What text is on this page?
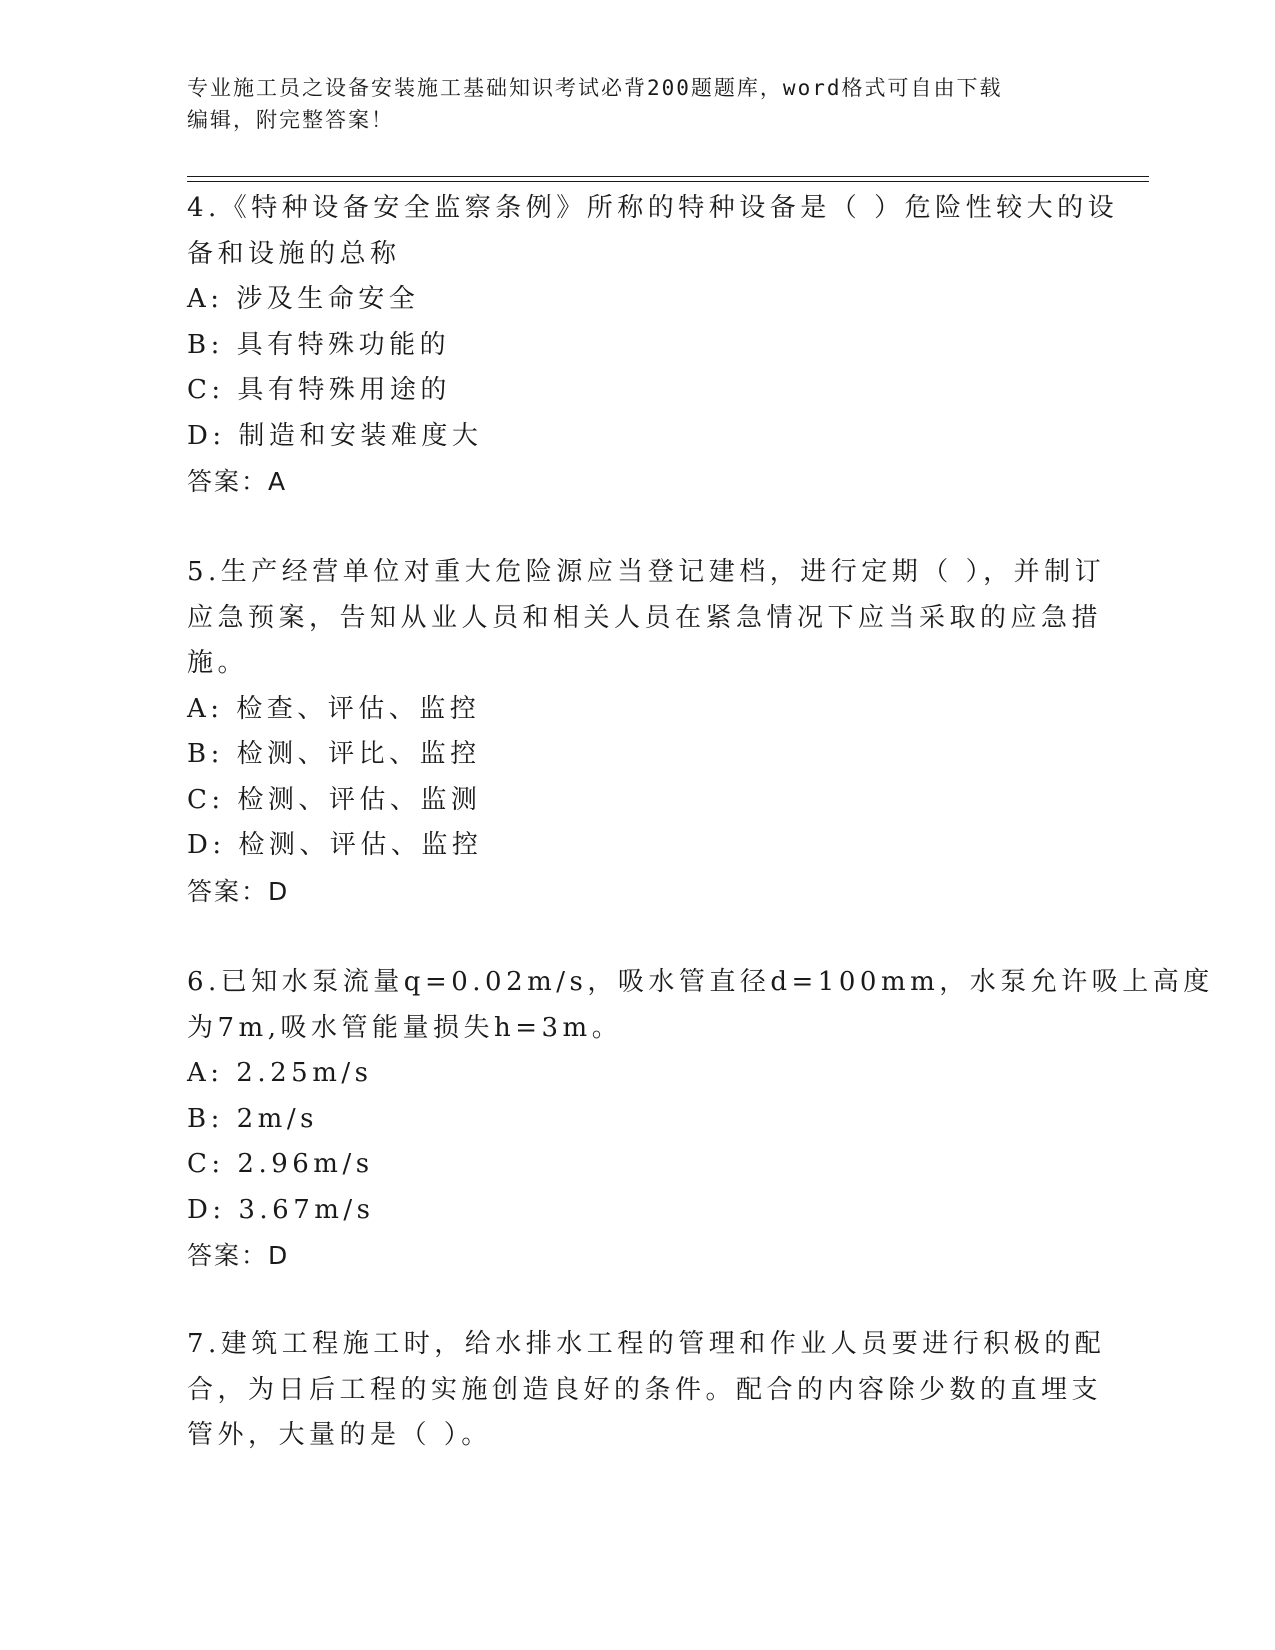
专业施工员之设备安装施工基础知识考试必背200题题库，word格式可自由下载
编辑，附完整答案！
4.《特种设备安全监察条例》所称的特种设备是（ ）危险性较大的设
备和设施的总称
A: 涉及生命安全
B: 具有特殊功能的
C: 具有特殊用途的
D: 制造和安装难度大
答案：A
5.生产经营单位对重大危险源应当登记建档，进行定期（ ），并制订
应急预案，告知从业人员和相关人员在紧急情况下应当采取的应急措
施。
A: 检查、评估、监控
B: 检测、评比、监控
C: 检测、评估、监测
D: 检测、评估、监控
答案：D
6.已知水泵流量q=0.02m/s，吸水管直径d=100mm，水泵允许吸上高度
为7m,吸水管能量损失h=3m。
A: 2.25m/s
B: 2m/s
C: 2.96m/s
D: 3.67m/s
答案：D
7.建筑工程施工时，给水排水工程的管理和作业人员要进行积极的配
合，为日后工程的实施创造良好的条件。配合的内容除少数的直埋支
管外，大量的是（ ）。
